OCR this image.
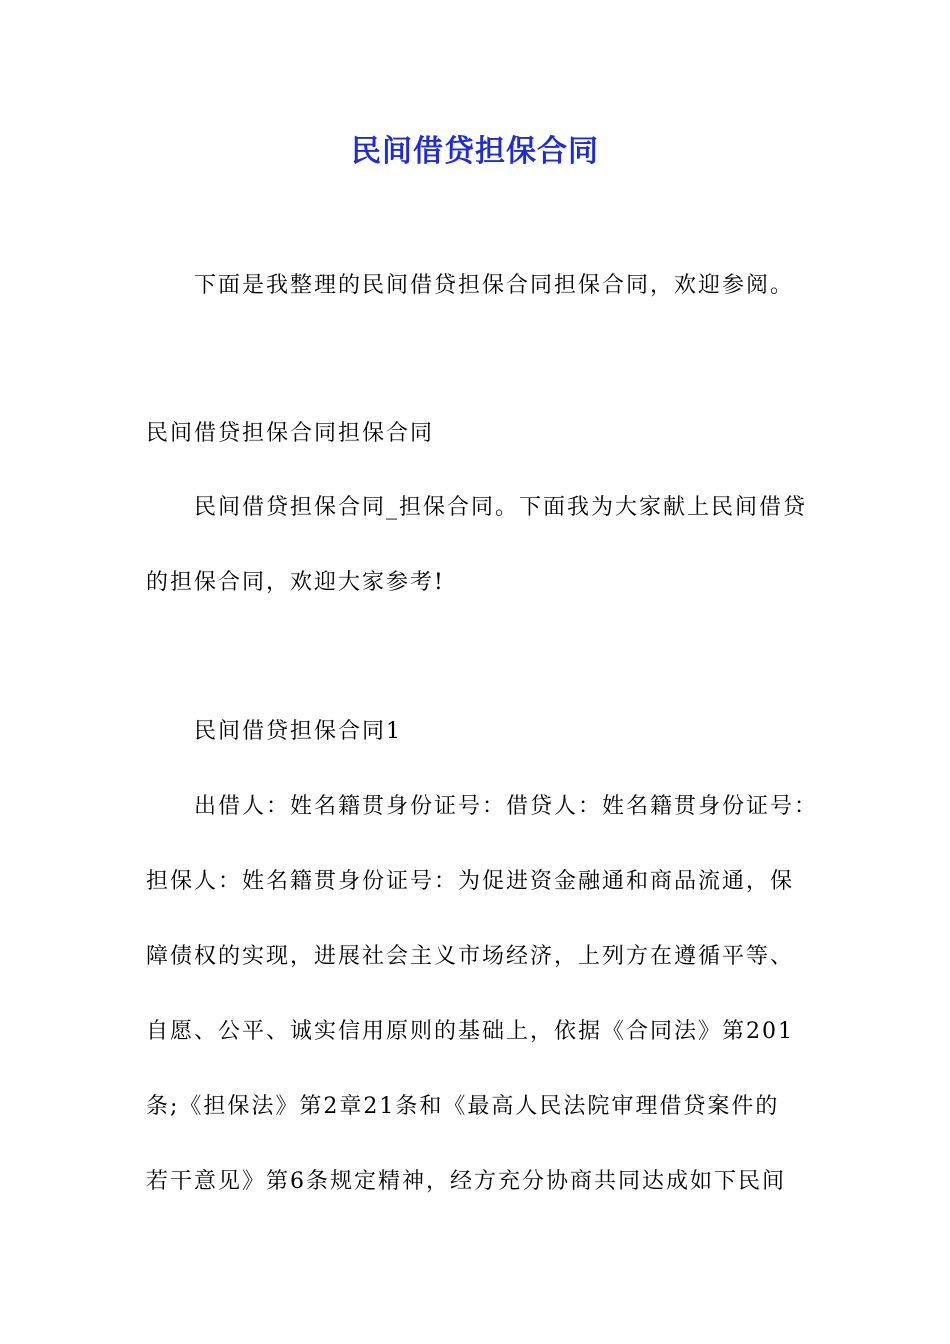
民间借贷担保合同
下面是我整理的民间借贷担保合同担保合同，欢迎参阅。
民间借贷担保合同担保合同
民间借贷担保合同_担保合同。下面我为大家献上民间借贷
的担保合同，欢迎大家参考!
民间借贷担保合同1
出借人：姓名籍贯身份证号：借贷人：姓名籍贯身份证号：
担保人：姓名籍贯身份证号：为促进资金融通和商品流通，保
障债权的实现，进展社会主义市场经济，上列方在遵循平等、
自愿、公平、诚实信用原则的基础上，依据《合同法》第201
条;《担保法》第2章21条和《最高人民法院审理借贷案件的
若干意见》第6条规定精神，经方充分协商共同达成如下民间
